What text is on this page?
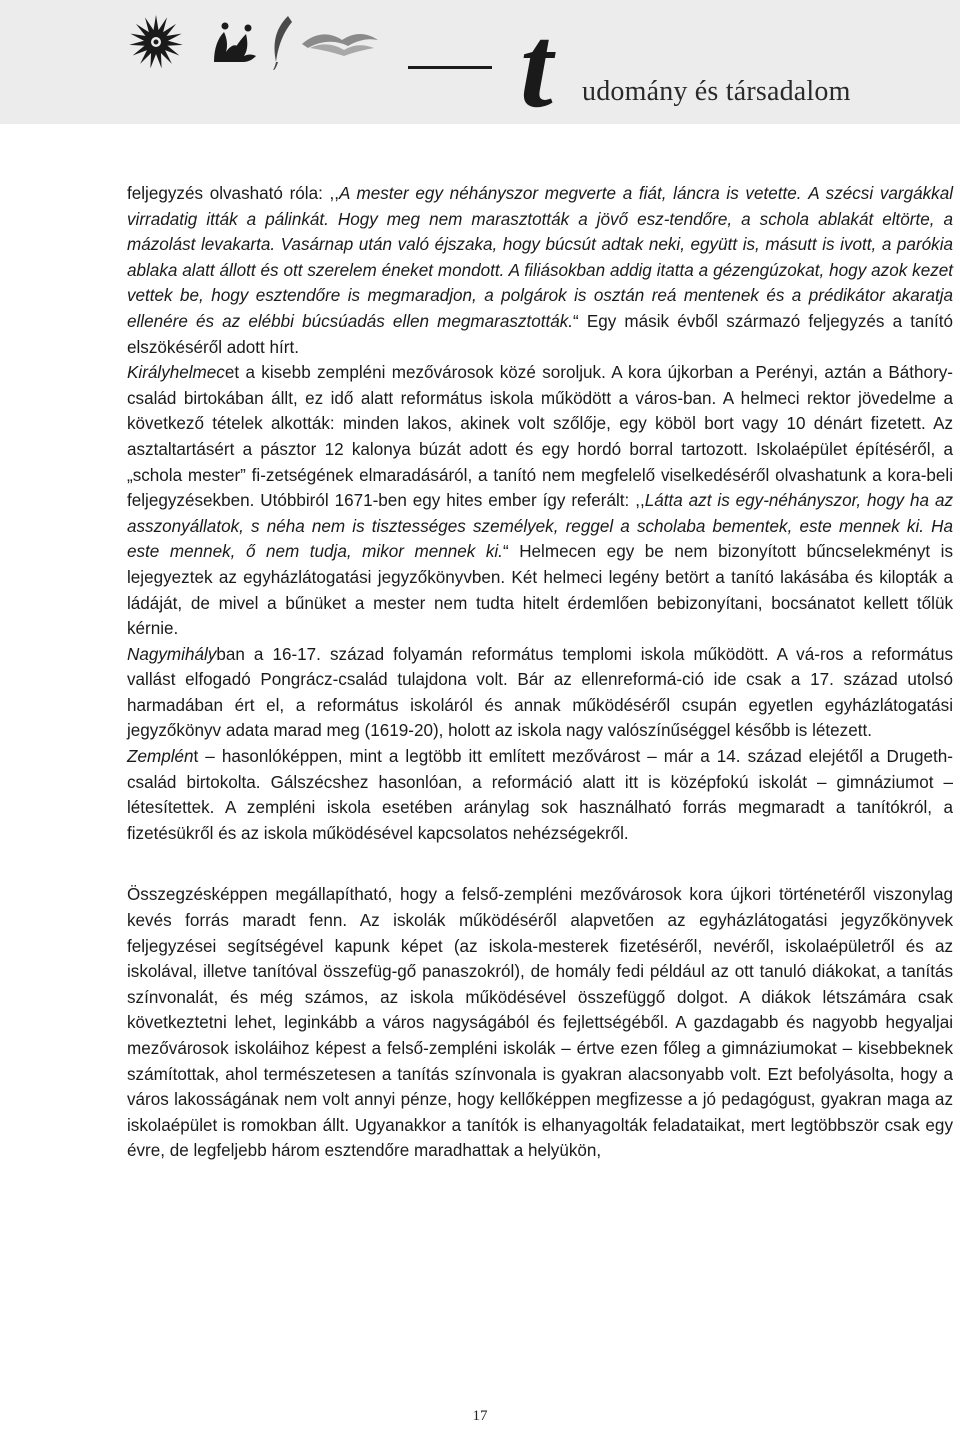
t udomány és társadalom

feljegyzés olvasható róla: ,,A mester egy néhányszor megverte a fiát, láncra is vetette. A szécsi vargákkal virradatig itták a pálinkát. Hogy meg nem marasztották a jövő esz-tendőre, a schola ablakát eltörte, a mázolást levakarta. Vasárnap után való éjszaka, hogy búcsút adtak neki, együtt is, másutt is ivott, a parókia ablaka alatt állott és ott szerelem éneket mondott. A filiásokban addig itatta a gézengúzokat, hogy azok kezet vettek be, hogy esztendőre is megmaradjon, a polgárok is osztán reá mentenek és a prédikátor akaratja ellenére és az elébbi búcsúadás ellen megmarasztották.“ Egy másik évből származó feljegyzés a tanító elszökéséről adott hírt.

Királyhelmecet a kisebb zempléni mezővárosok közé soroljuk. A kora újkorban a Perényi, aztán a Báthory-család birtokában állt, ez idő alatt református iskola működött a város-ban. A helmeci rektor jövedelme a következő tételek alkották: minden lakos, akinek volt szőlője, egy köböl bort vagy 10 dénárt fizetett. Az asztaltartásért a pásztor 12 kalonya búzát adott és egy hordó borral tartozott. Iskolaépület építéséről, a „schola mester” fi-zetségének elmaradásáról, a tanító nem megfelelő viselkedéséről olvashatunk a kora-beli feljegyzésekben. Utóbbiról 1671-ben egy hites ember így referált: ,,Látta azt is egy-néhányszor, hogy ha az asszonyállatok, s néha nem is tisztességes személyek, reggel a scholaba bementek, este mennek ki. Ha este mennek, ő nem tudja, mikor mennek ki.“ Helmecen egy be nem bizonyított bűncselekményt is lejegyeztek az egyházlátogatási jegyzőkönyvben. Két helmeci legény betört a tanító lakásába és kilopták a ládáját, de mivel a bűnüket a mester nem tudta hitelt érdemlően bebizonyítani, bocsánatot kellett tőlük kérnie.

Nagymihályban a 16-17. század folyamán református templomi iskola működött. A vá-ros a református vallást elfogadó Pongrácz-család tulajdona volt. Bár az ellenreformá-ció ide csak a 17. század utolsó harmadában ért el, a református iskoláról és annak működéséről csupán egyetlen egyházlátogatási jegyzőkönyv adata marad meg (1619-20), holott az iskola nagy valószínűséggel később is létezett.

Zemplént – hasonlóképpen, mint a legtöbb itt említett mezővárost – már a 14. század elejétől a Drugeth-család birtokolta. Gálszécshez hasonlóan, a reformáció alatt itt is középfokú iskolát – gimnáziumot – létesítettek. A zempléni iskola esetében aránylag sok használható forrás megmaradt a tanítókról, a fizetésükről és az iskola működésével kapcsolatos nehézségekről.

Összegzésképpen megállapítható, hogy a felső-zempléni mezővárosok kora újkori történetéről viszonylag kevés forrás maradt fenn. Az iskolák működéséről alapvetően az egyházlátogatási jegyzőkönyvek feljegyzései segítségével kapunk képet (az iskola-mesterek fizetéséről, nevéről, iskolaépületről és az iskolával, illetve tanítóval összefüg-gő panaszokról), de homály fedi például az ott tanuló diákokat, a tanítás színvonalát, és még számos, az iskola működésével összefüggő dolgot. A diákok létszámára csak következtetni lehet, leginkább a város nagyságából és fejlettségéből. A gazdagabb és nagyobb hegyaljai mezővárosok iskoláihoz képest a felső-zempléni iskolák – értve ezen főleg a gimnáziumokat – kisebbeknek számítottak, ahol természetesen a tanítás színvonala is gyakran alacsonyabb volt. Ezt befolyásolta, hogy a város lakosságának nem volt annyi pénze, hogy kellőképpen megfizesse a jó pedagógust, gyakran maga az iskolaépület is romokban állt. Ugyanakkor a tanítók is elhanyagolták feladataikat, mert legtöbbször csak egy évre, de legfeljebb három esztendőre maradhattak a helyükön,

17
